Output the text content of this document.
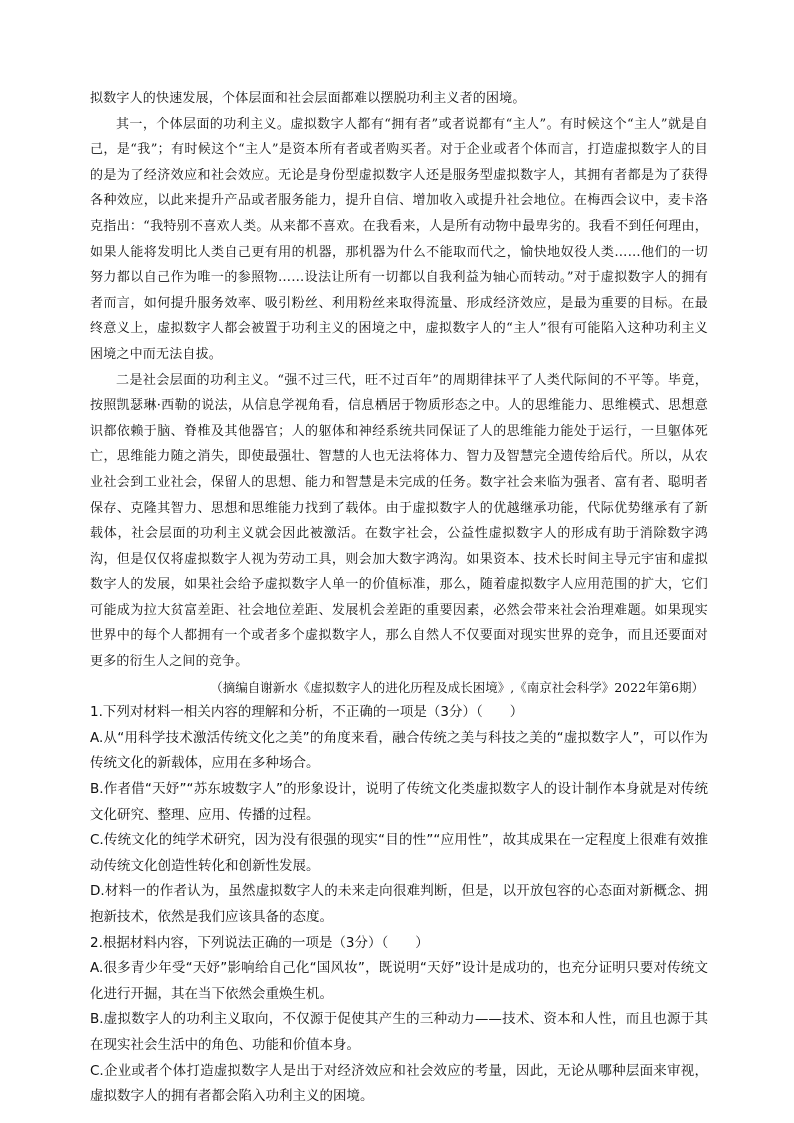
拟数字人的快速发展，个体层面和社会层面都难以摆脱功利主义者的困境。

其一，个体层面的功利主义。虚拟数字人都有“拥有者”或者说都有“主人”。有时候这个“主人”就是自己，是“我”；有时候这个“主人”是资本所有者或者购买者。对于企业或者个体而言，打造虚拟数字人的目的是为了经济效应和社会效应。无论是身份型虚拟数字人还是服务型虚拟数字人，其拥有者都是为了获得各种效应，以此来提升产品或者服务能力，提升自信、增加收入或提升社会地位。在梅西会议中，麦卡洛克指出：“我特别不喜欢人类。从来都不喜欢。在我看来，人是所有动物中最卑劣的。我看不到任何理由，如果人能将发明比人类自己更有用的机器，那机器为什么不能取而代之，愉快地奴役人类……他们的一切努力都以自己作为唯一的参照物……设法让所有一切都以自我利益为轴心而转动。”对于虚拟数字人的拥有者而言，如何提升服务效率、吸引粉丝、利用粉丝来取得流量、形成经济效应，是最为重要的目标。在最终意义上，虚拟数字人都会被置于功利主义的困境之中，虚拟数字人的“主人”很有可能陷入这种功利主义困境之中而无法自拔。

二是社会层面的功利主义。“强不过三代，旺不过百年”的周期律抹平了人类代际间的不平等。毕竟，按照凯瑟琳·西勒的说法，从信息学视角看，信息栖居于物质形态之中。人的思维能力、思维模式、思想意识都依赖于脑、脊椎及其他器官；人的躯体和神经系统共同保证了人的思维能力能处于运行，一旦躯体死亡，思维能力随之消失，即使最强壮、智慧的人也无法将体力、智力及智慧完全遗传给后代。所以，从农业社会到工业社会，保留人的思想、能力和智慧是未完成的任务。数字社会来临为强者、富有者、聪明者保存、克隆其智力、思想和思维能力找到了载体。由于虚拟数字人的优越继承功能，代际优势继承有了新载体，社会层面的功利主义就会因此被激活。在数字社会，公益性虚拟数字人的形成有助于消除数字鸿沟，但是仅仅将虚拟数字人视为劳动工具，则会加大数字鸿沟。如果资本、技术长时间主导元宇宙和虚拟数字人的发展，如果社会给予虚拟数字人单一的价值标准，那么，随着虚拟数字人应用范围的扩大，它们可能成为拉大贫富差距、社会地位差距、发展机会差距的重要因素，必然会带来社会治理难题。如果现实世界中的每个人都拥有一个或者多个虚拟数字人，那么自然人不仅要面对现实世界的竞争，而且还要面对更多的衍生人之间的竞争。

（摘编自谢新水《虚拟数字人的进化历程及成长困境》,《南京社会科学》2022年第6期）

1.下列对材料一相关内容的理解和分析，不正确的一项是（3分）（　　）

A.从“用科学技术激活传统文化之美”的角度来看，融合传统之美与科技之美的“虚拟数字人”，可以作为传统文化的新载体，应用在多种场合。

B.作者借“天妤”“苏东坡数字人”的形象设计，说明了传统文化类虚拟数字人的设计制作本身就是对传统文化研究、整理、应用、传播的过程。

C.传统文化的纯学术研究，因为没有很强的现实“目的性”“应用性”，故其成果在一定程度上很难有效推动传统文化创造性转化和创新性发展。

D.材料一的作者认为，虽然虚拟数字人的未来走向很难判断，但是，以开放包容的心态面对新概念、拥抱新技术，依然是我们应该具备的态度。

2.根据材料内容，下列说法正确的一项是（3分）（　　）

A.很多青少年受“天妤”影响给自己化“国风妆”，既说明“天妤”设计是成功的，也充分证明只要对传统文化进行开掘，其在当下依然会重焕生机。

B.虚拟数字人的功利主义取向，不仅源于促使其产生的三种动力——技术、资本和人性，而且也源于其在现实社会生活中的角色、功能和价值本身。

C.企业或者个体打造虚拟数字人是出于对经济效应和社会效应的考量，因此，无论从哪种层面来审视，虚拟数字人的拥有者都会陷入功利主义的困境。
